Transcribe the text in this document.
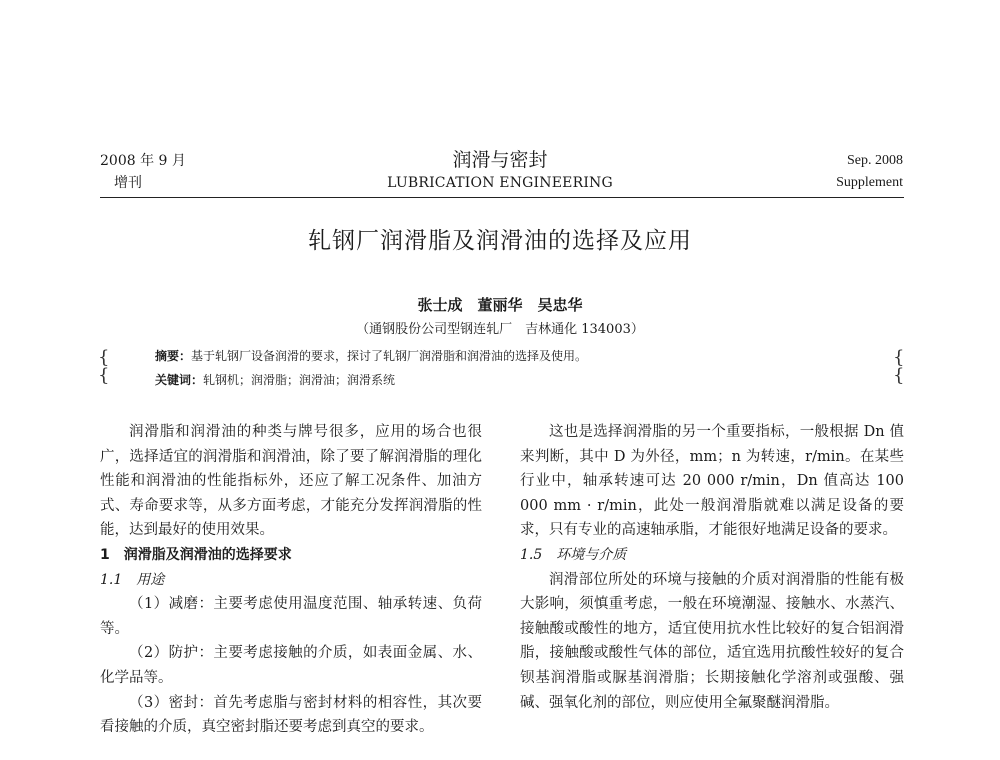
2008 年 9 月
增刊
润滑与密封
LUBRICATION ENGINEERING
Sep. 2008
Supplement
轧钢厂润滑脂及润滑油的选择及应用
张士成　董丽华　吴忠华
（通钢股份公司型钢连轧厂　吉林通化 134003）
{
{
{
{
摘要：基于轧钢厂设备润滑的要求，探讨了轧钢厂润滑脂和润滑油的选择及使用。
关键词：轧钢机；润滑脂；润滑油；润滑系统

润滑脂和润滑油的种类与牌号很多，应用的场合也很广，选择适宜的润滑脂和润滑油，除了要了解润滑脂的理化性能和润滑油的性能指标外，还应了解工况条件、加油方式、寿命要求等，从多方面考虑，才能充分发挥润滑脂的性能，达到最好的使用效果。

1　润滑脂及润滑油的选择要求

1.1　用途

（1）减磨：主要考虑使用温度范围、轴承转速、负荷等。

（2）防护：主要考虑接触的介质，如表面金属、水、化学品等。

（3）密封：首先考虑脂与密封材料的相容性，其次要看接触的介质，真空密封脂还要考虑到真空的要求。

这也是选择润滑脂的另一个重要指标，一般根据 Dn 值来判断，其中 D 为外径，mm；n 为转速，r/min。在某些行业中，轴承转速可达 20 000 r/min，Dn 值高达 100 000 mm · r/min，此处一般润滑脂就难以满足设备的要求，只有专业的高速轴承脂，才能很好地满足设备的要求。

1.5　环境与介质

润滑部位所处的环境与接触的介质对润滑脂的性能有极大影响，须慎重考虑，一般在环境潮湿、接触水、水蒸汽、接触酸或酸性的地方，适宜使用抗水性比较好的复合铝润滑脂，接触酸或酸性气体的部位，适宜选用抗酸性较好的复合钡基润滑脂或脲基润滑脂；长期接触化学溶剂或强酸、强碱、强氧化剂的部位，则应使用全氟聚醚润滑脂。
